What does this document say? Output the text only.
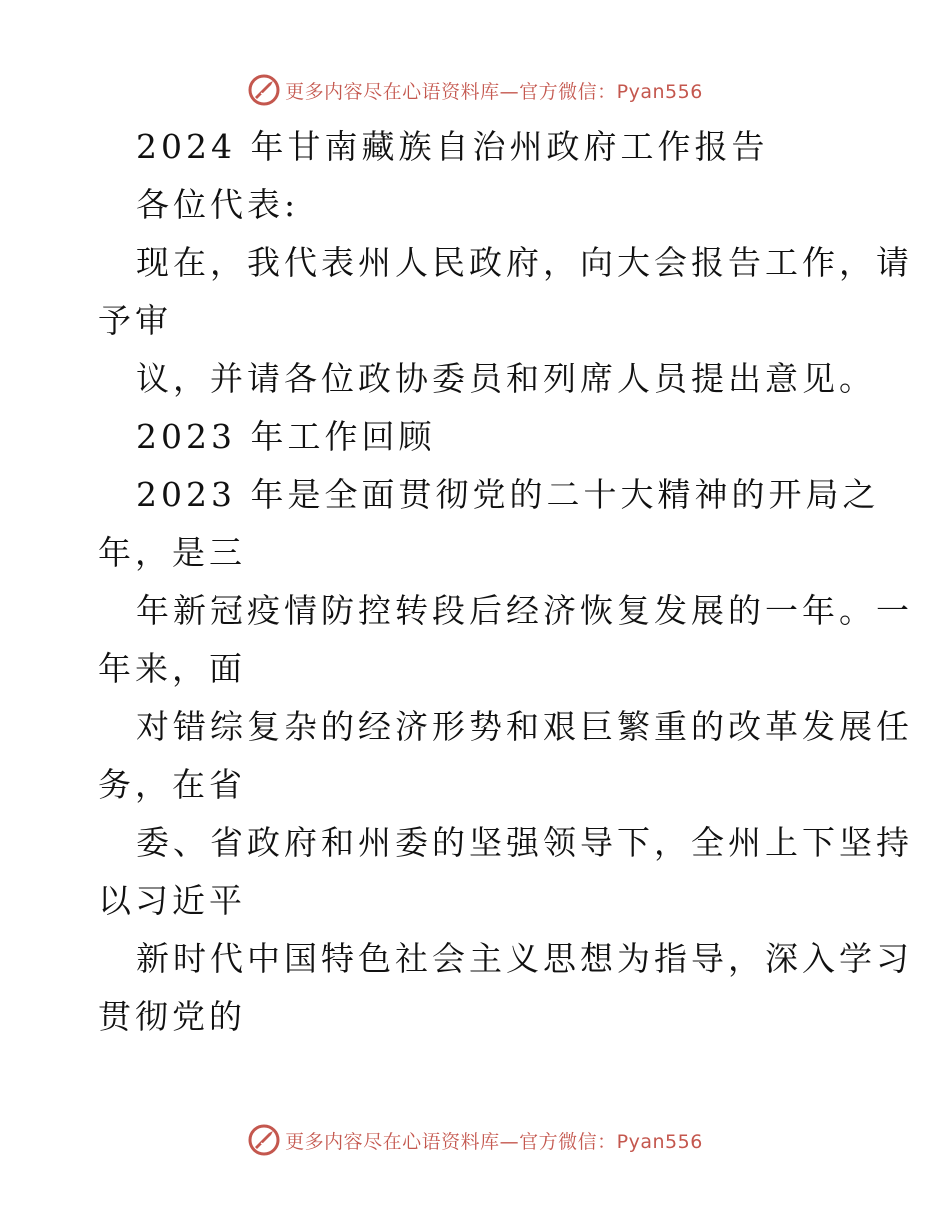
更多内容尽在心语资料库—官方微信：Pyan556
2024 年甘南藏族自治州政府工作报告
各位代表:
现在，我代表州人民政府，向大会报告工作，请
予审
议，并请各位政协委员和列席人员提出意见。
2023 年工作回顾
2023 年是全面贯彻党的二十大精神的开局之
年，是三
年新冠疫情防控转段后经济恢复发展的一年。一
年来，面
对错综复杂的经济形势和艰巨繁重的改革发展任
务，在省
委、省政府和州委的坚强领导下，全州上下坚持
以习近平
新时代中国特色社会主义思想为指导，深入学习
贯彻党的
更多内容尽在心语资料库—官方微信：Pyan556
